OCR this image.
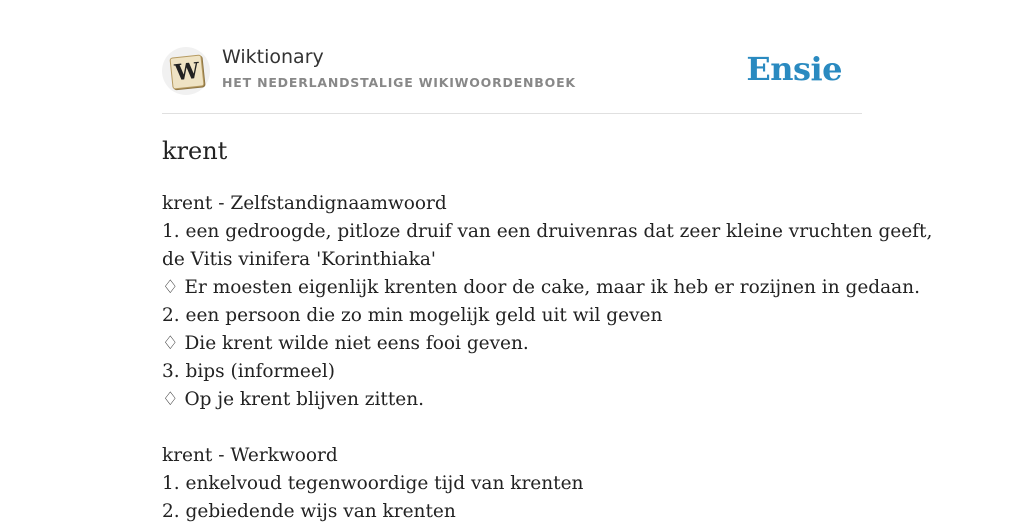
W
Wiktionary
HET NEDERLANDSTALIGE WIKIWOORDENBOEK	Ensie
krent
krent - Zelfstandignaamwoord
1. een gedroogde, pitloze druif van een druivenras dat zeer kleine vruchten geeft,
de Vitis vinifera 'Korinthiaka'
♢ Er moesten eigenlijk krenten door de cake, maar ik heb er rozijnen in gedaan.
2. een persoon die zo min mogelijk geld uit wil geven
♢ Die krent wilde niet eens fooi geven.
3. bips (informeel)
♢ Op je krent blijven zitten.
krent - Werkwoord
1. enkelvoud tegenwoordige tijd van krenten
2. gebiedende wijs van krenten
